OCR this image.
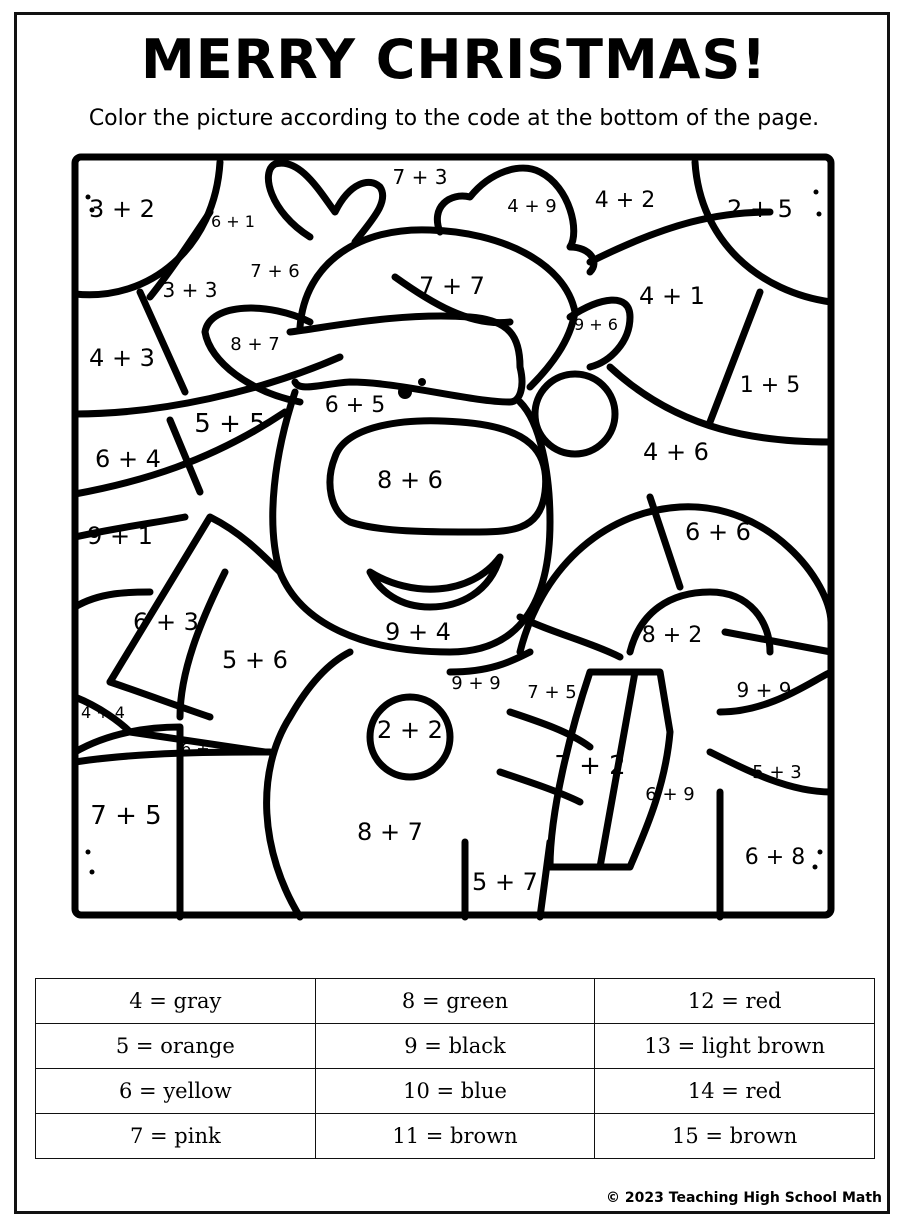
MERRY CHRISTMAS!
Color the picture according to the code at the bottom of the page.
3 + 2	6 + 1
7 + 3
4 + 9 4 + 2	2 + 5
7 + 6
3 + 3	7 + 7	4 + 1
9 + 6
4 + 3	8 + 7
1 + 5
6 + 5
5 + 5
6 + 4	4 + 6
8 + 6
9 + 1	6 + 6
6 + 3	9 + 4	8 + 2
5 + 6
9 + 9 7 + 5	9 + 9
4 + 4
6 + 2
2 + 2
7 + 2	5 + 3
6 + 9
7 + 5
8 + 7
6 + 8
5 + 7
4 = gray	8 = green	12 = red
5 = orange	9 = black	13 = light brown
6 = yellow	10 = blue	14 = red
7 = pink	11 = brown	15 = brown
© 2023 Teaching High School Math
